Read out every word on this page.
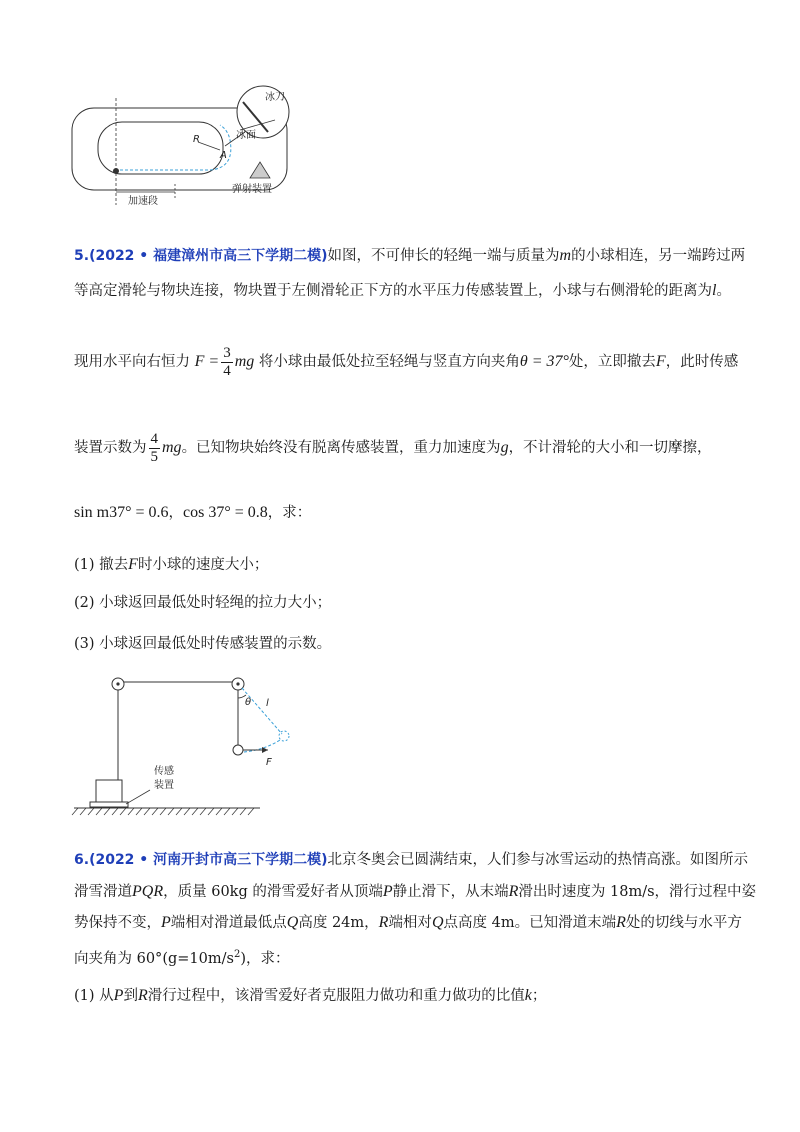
冰刀
冰面
R
A
加速段
弹射装置
5.(2022 • 福建漳州市高三下学期二模)如图，不可伸长的轻绳一端与质量为m的小球相连，另一端跨过两
等高定滑轮与物块连接，物块置于左侧滑轮正下方的水平压力传感装置上，小球与右侧滑轮的距离为l。
现用水平向右恒力 $F = \frac{3}{4}$ mg 将小球由最低处拉至轻绳与竖直方向夹角θ = 37°处，立即撤去F，此时传感
装置示数为 $\frac{4}{5}$ mg。已知物块始终没有脱离传感装置，重力加速度为g，不计滑轮的大小和一切摩擦，
sin m37° = 0.6，cos 37° = 0.8，求：
(1) 撤去F时小球的速度大小；
(2) 小球返回最低处时轻绳的拉力大小；
(3) 小球返回最低处时传感装置的示数。
l
θ
F
传感
装置
6.(2022 • 河南开封市高三下学期二模)北京冬奥会已圆满结束，人们参与冰雪运动的热情高涨。如图所示
滑雪滑道PQR，质量 60kg 的滑雪爱好者从顶端P静止滑下，从末端R滑出时速度为 18m/s，滑行过程中姿
势保持不变，P端相对滑道最低点Q高度 24m，R端相对Q点高度 4m。已知滑道末端R处的切线与水平方
向夹角为 $60^\circ(g=10m/s^2)$，求：
(1) 从P到R滑行过程中，该滑雪爱好者克服阻力做功和重力做功的比值k；
